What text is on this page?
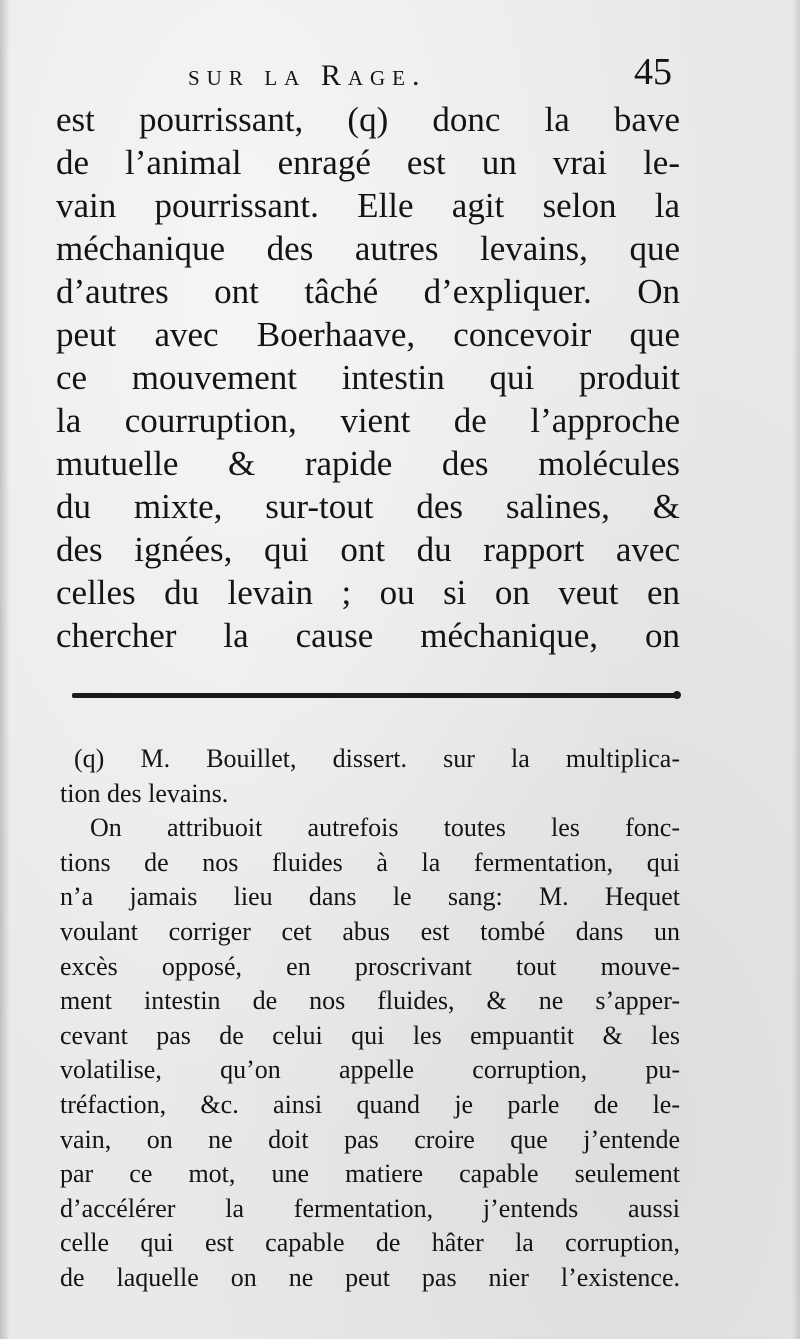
sur la Rage.	45
est pourrissant, (q) donc la bave
de l’animal enragé est un vrai le-
vain pourrissant. Elle agit selon la
méchanique des autres levains, que
d’autres ont tâché d’expliquer. On
peut avec Boerhaave, concevoir que
ce mouvement intestin qui produit
la courruption, vient de l’approche
mutuelle & rapide des molécules
du mixte, sur-tout des salines, &
des ignées, qui ont du rapport avec
celles du levain ; ou si on veut en
chercher la cause méchanique, on
(q) M. Bouillet, dissert. sur la multiplica-
tion des levains.
On attribuoit autrefois toutes les fonc-
tions de nos fluides à la fermentation, qui
n’a jamais lieu dans le sang: M. Hequet
voulant corriger cet abus est tombé dans un
excès opposé, en proscrivant tout mouve-
ment intestin de nos fluides, & ne s’apper-
cevant pas de celui qui les empuantit & les
volatilise, qu’on appelle corruption, pu-
tréfaction, &c. ainsi quand je parle de le-
vain, on ne doit pas croire que j’entende
par ce mot, une matiere capable seulement
d’accélérer la fermentation, j’entends aussi
celle qui est capable de hâter la corruption,
de laquelle on ne peut pas nier l’existence.
